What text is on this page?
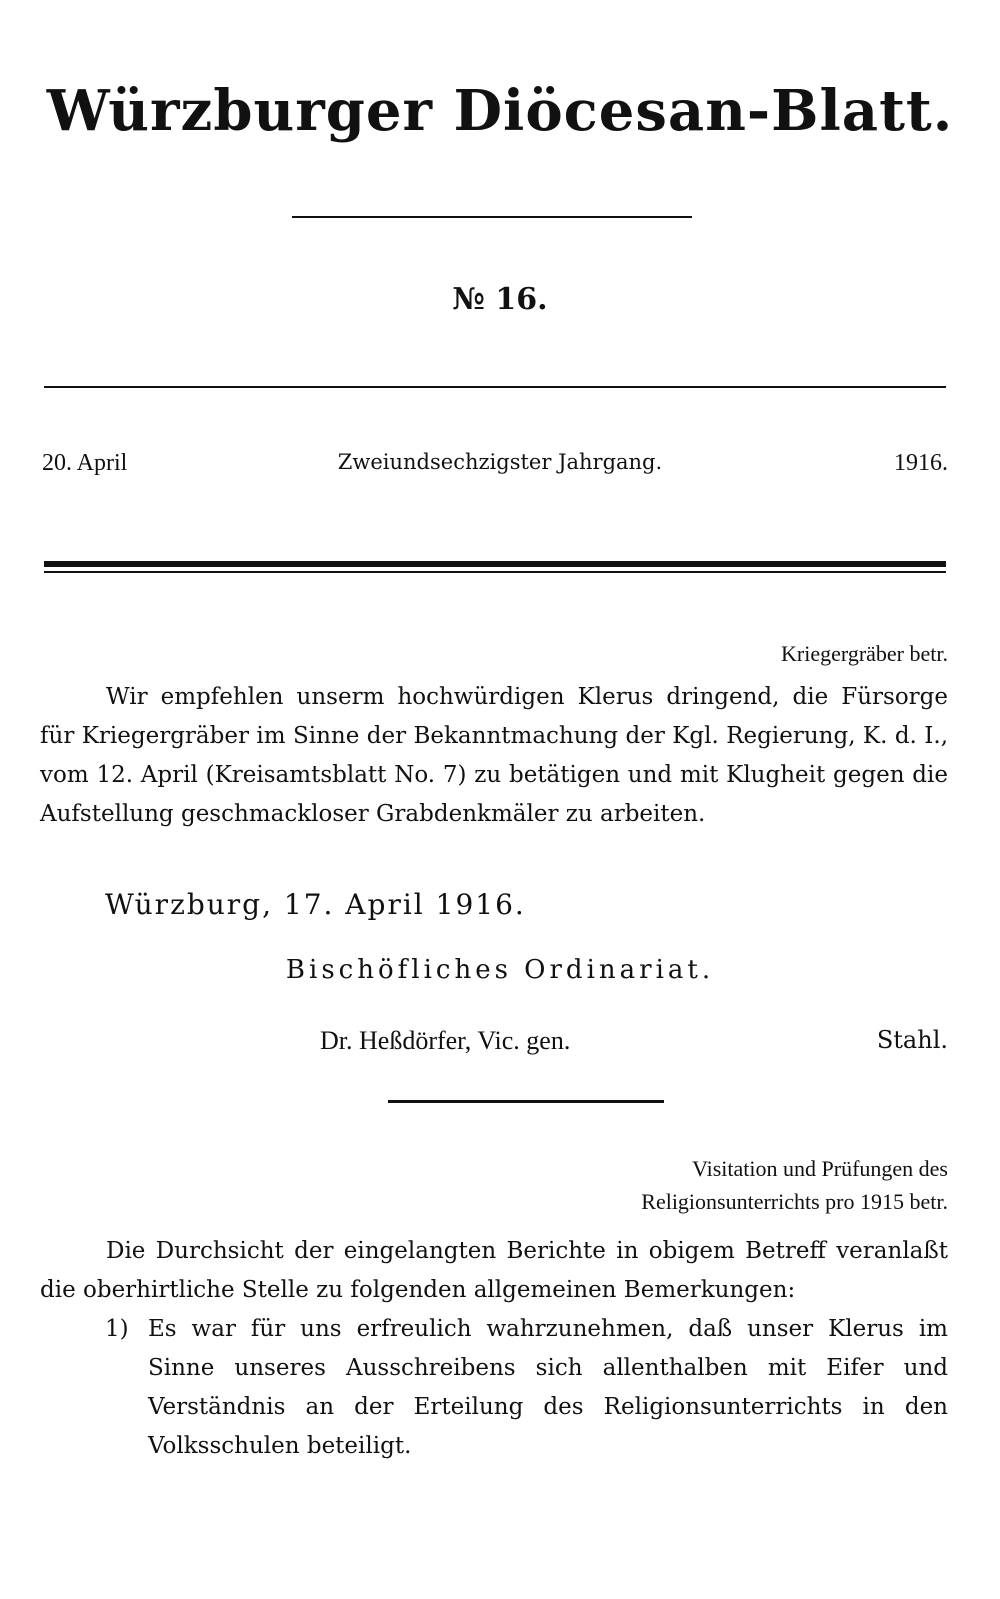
Würzburger Diöcesan-Blatt.
№ 16.
20. April	Zweiundsechzigster Jahrgang.	1916.
Kriegergräber betr.
Wir empfehlen unserm hochwürdigen Klerus dringend, die Fürsorge für Kriegergräber im Sinne der Bekanntmachung der Kgl. Regierung, K. d. I., vom 12. April (Kreisamtsblatt No. 7) zu betätigen und mit Klugheit gegen die Aufstellung geschmackloser Grabdenkmäler zu arbeiten.
Würzburg, 17. April 1916.
Bischöfliches Ordinariat.
Dr. Heßdörfer, Vic. gen.	Stahl.
Visitation und Prüfungen des
Religionsunterrichts pro 1915 betr.
Die Durchsicht der eingelangten Berichte in obigem Betreff veranlaßt die oberhirtliche Stelle zu folgenden allgemeinen Bemerkungen:
1) Es war für uns erfreulich wahrzunehmen, daß unser Klerus im Sinne unseres Ausschreibens sich allenthalben mit Eifer und Verständnis an der Erteilung des Religionsunterrichts in den Volksschulen beteiligt.
